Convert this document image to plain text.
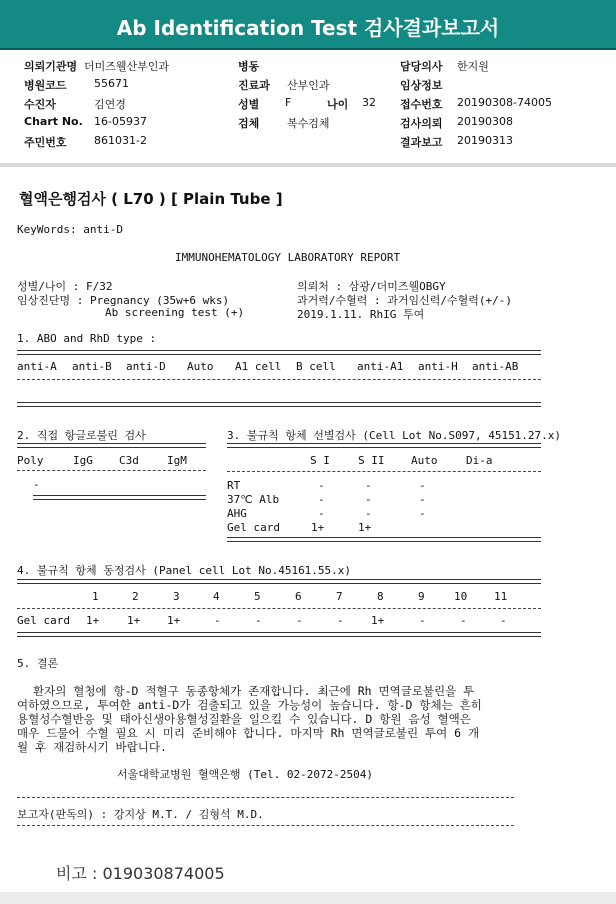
Ab Identification Test 검사결과보고서
의뢰기관명 더미즈웰산부인과	병동	담당의사 한지원
병원코드 55671	진료과 산부인과	임상정보
수진자	김연경	성별 F	나이 32 접수번호 20190308-74005
Chart No. 16-05937	검체	복수검체	검사의뢰 20190308
주민번호 861031-2	결과보고 20190313
혈액은행검사 ( L70 ) [ Plain Tube ]
KeyWords: anti-D
IMMUNOHEMATOLOGY LABORATORY REPORT
성별/나이 : F/32
임상진단명 : Pregnancy (35w+6 wks)
Ab screening test (+)
의뢰처 : 삼광/더미즈웰OBGY
과거력/수혈력 : 과거임신력/수혈력(+/-)
2019.1.11. RhIG 투여
1. ABO and RhD type :
anti-A anti-B anti-D Auto A1 cell B cell anti-A1 anti-H anti-AB
2. 직접 항글로불린 검사
Poly	IgG C3d	IgM
-
3. 불규칙 항체 선별검사 (Cell Lot No.S097, 45151.27.x)
S I	S II Auto	Di-a
RT	-	-	-
37℃ Alb	-	-	-
AHG	-	-	-
Gel card	1+	1+
4. 불규칙 항체 동정검사 (Panel cell Lot No.45161.55.x)
1	2	3	4	5	6	7	8	9	10 11
Gel card 1+	1+ 1+	-	-	-	- 1+	-	-	-
5. 결론
환자의 혈청에 항-D 적혈구 동종항체가 존재합니다. 최근에 Rh 면역글로불린을 투
여하였으므로, 투여한 anti-D가 검출되고 있을 가능성이 높습니다. 항-D 항체는 흔히
용혈성수혈반응 및 태아신생아용혈성질환을 일으킬 수 있습니다. D 항원 음성 혈액은
매우 드물어 수혈 필요 시 미리 준비해야 합니다. 마지막 Rh 면역글로불린 투여 6 개
월 후 재검하시기 바랍니다.
서울대학교병원 혈액은행 (Tel. 02-2072-2504)
보고자(판독의) : 강지상 M.T. / 김형석 M.D.
비고 : 019030874005
